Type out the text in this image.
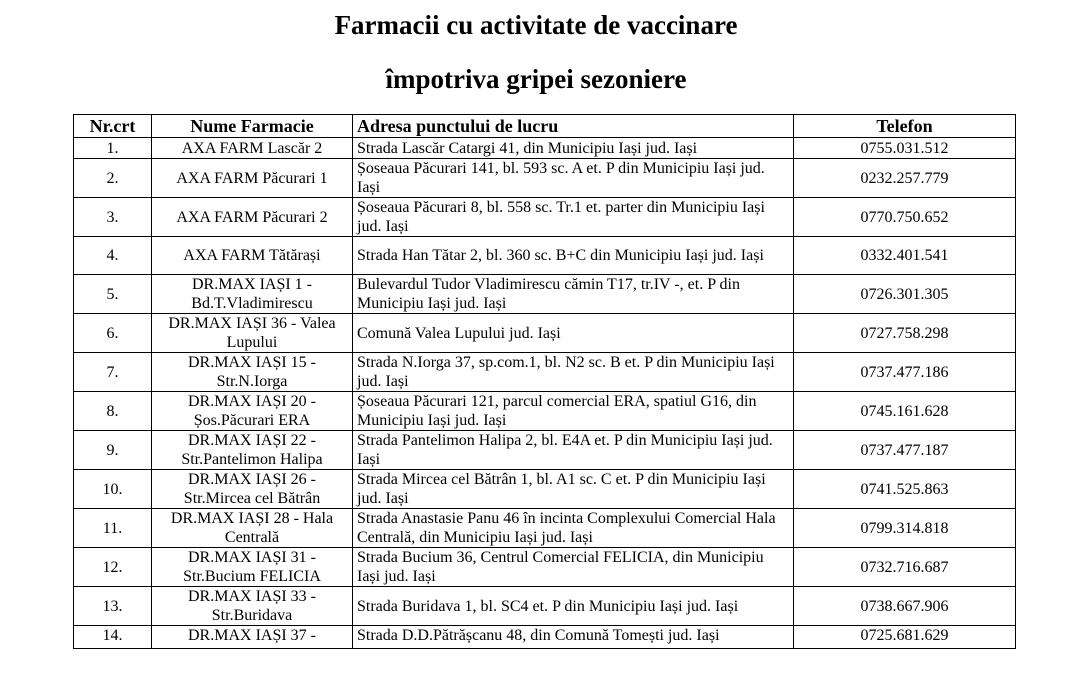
Farmacii cu activitate de vaccinare
împotriva gripei sezoniere
Nr.crt	Nume Farmacie	Adresa punctului de lucru	Telefon
1.	AXA FARM Lascăr 2	Strada Lascăr Catargi 41, din Municipiu Iași jud. Iași	0755.031.512
2.	AXA FARM Păcurari 1	Șoseaua Păcurari 141, bl. 593 sc. A et. P din Municipiu Iași jud. Iași	0232.257.779
3.	AXA FARM Păcurari 2	Șoseaua Păcurari 8, bl. 558 sc. Tr.1 et. parter din Municipiu Iași jud. Iași	0770.750.652
4.	AXA FARM Tătărași	Strada Han Tătar 2, bl. 360 sc. B+C din Municipiu Iași jud. Iași	0332.401.541
5.	DR.MAX IAȘI 1 - Bd.T.Vladimirescu	Bulevardul Tudor Vladimirescu cămin T17, tr.IV -, et. P din Municipiu Iași jud. Iași	0726.301.305
6.	DR.MAX IAȘI 36 - Valea Lupului	Comună Valea Lupului jud. Iași	0727.758.298
7.	DR.MAX IAȘI 15 - Str.N.Iorga	Strada N.Iorga 37, sp.com.1, bl. N2 sc. B et. P din Municipiu Iași jud. Iași	0737.477.186
8.	DR.MAX IAȘI 20 - Șos.Păcurari ERA	Șoseaua Păcurari 121, parcul comercial ERA, spatiul G16, din Municipiu Iași jud. Iași	0745.161.628
9.	DR.MAX IAȘI 22 - Str.Pantelimon Halipa	Strada Pantelimon Halipa 2, bl. E4A et. P din Municipiu Iași jud. Iași	0737.477.187
10.	DR.MAX IAȘI 26 - Str.Mircea cel Bătrân	Strada Mircea cel Bătrân 1, bl. A1 sc. C et. P din Municipiu Iași jud. Iași	0741.525.863
11.	DR.MAX IAȘI 28 - Hala Centrală	Strada Anastasie Panu 46 în incinta Complexului Comercial Hala Centrală, din Municipiu Iași jud. Iași	0799.314.818
12.	DR.MAX IAȘI 31 - Str.Bucium FELICIA	Strada Bucium 36, Centrul Comercial FELICIA, din Municipiu Iași jud. Iași	0732.716.687
13.	DR.MAX IAȘI 33 - Str.Buridava	Strada Buridava 1, bl. SC4 et. P din Municipiu Iași jud. Iași	0738.667.906
14.	DR.MAX IAȘI 37 -	Strada D.D.Pătrășcanu 48, din Comună Tomești jud. Iași	0725.681.629
